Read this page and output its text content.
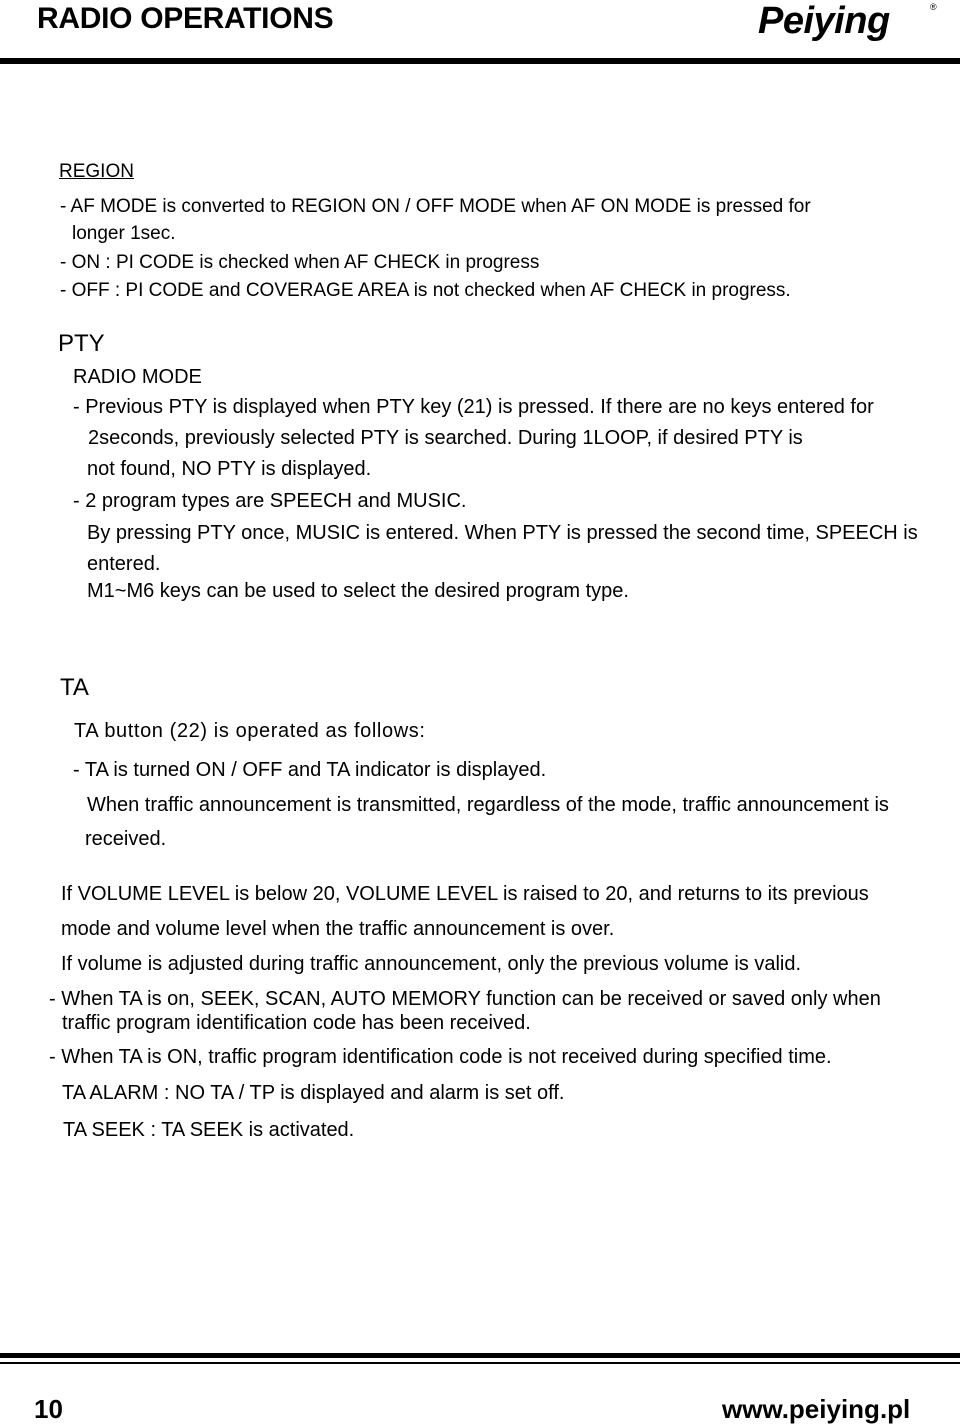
RADIO OPERATIONS	Peiying	®
REGION
- AF MODE is converted to REGION ON / OFF MODE when AF ON MODE is pressed for
longer 1sec.
- ON : PI CODE is checked when AF CHECK in progress
- OFF : PI CODE and COVERAGE AREA is not checked when AF CHECK in progress.
PTY
RADIO MODE
- Previous PTY is displayed when PTY key (21) is pressed. If there are no keys entered for
2seconds, previously selected PTY is searched. During 1LOOP, if desired PTY is
not found, NO PTY is displayed.
- 2 program types are SPEECH and MUSIC.
By pressing PTY once, MUSIC is entered. When PTY is pressed the second time, SPEECH is
entered.
M1~M6 keys can be used to select the desired program type.
TA
TA button (22) is operated as follows:
- TA is turned ON / OFF and TA indicator is displayed.
When traffic announcement is transmitted, regardless of the mode, traffic announcement is
received.
If VOLUME LEVEL is below 20, VOLUME LEVEL is raised to 20, and returns to its previous
mode and volume level when the traffic announcement is over.
If volume is adjusted during traffic announcement, only the previous volume is valid.
- When TA is on, SEEK, SCAN, AUTO MEMORY function can be received or saved only when
traffic program identification code has been received.
- When TA is ON, traffic program identification code is not received during specified time.
TA ALARM : NO TA / TP is displayed and alarm is set off.
TA SEEK : TA SEEK is activated.
10	www.peiying.pl
